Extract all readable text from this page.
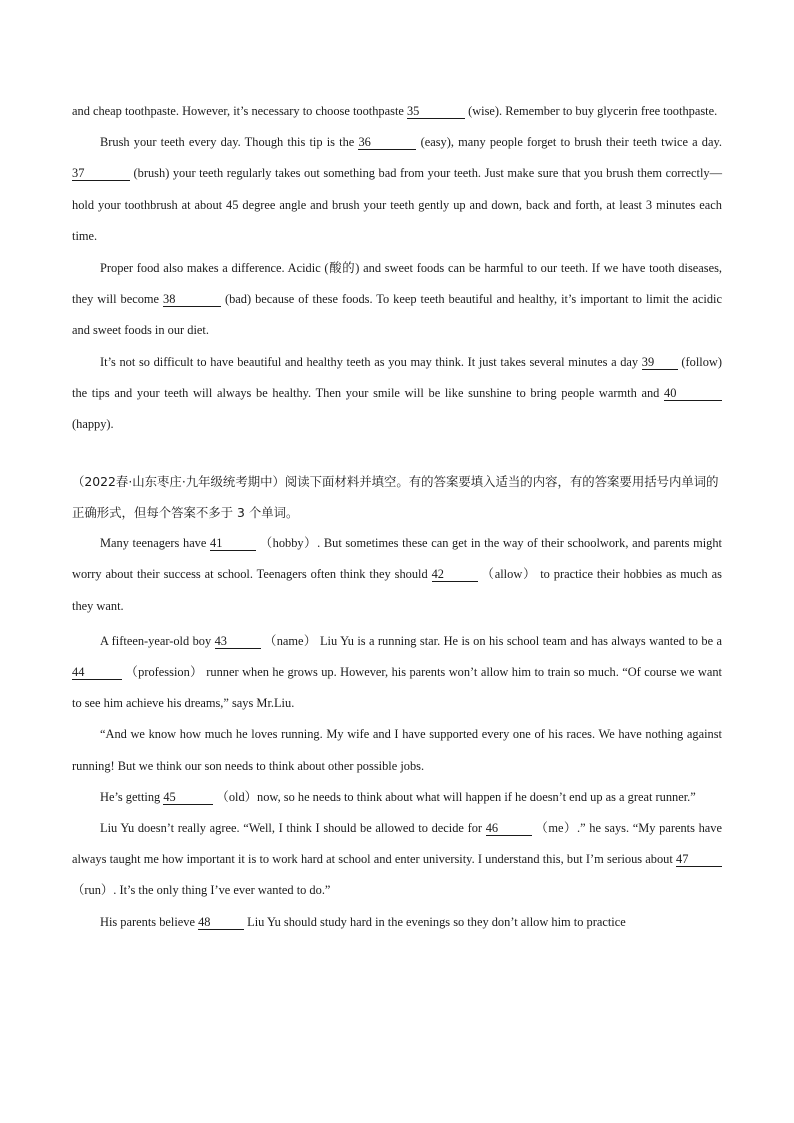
and cheap toothpaste. However, it’s necessary to choose toothpaste 35	(wise). Remember to buy glycerin free toothpaste.

Brush your teeth every day. Though this tip is the 36	(easy), many people forget to brush their teeth twice a day. 37	(brush) your teeth regularly takes out something bad from your teeth. Just make sure that you brush them correctly—hold your toothbrush at about 45 degree angle and brush your teeth gently up and down, back and forth, at least 3 minutes each time.

Proper food also makes a difference. Acidic (酸的) and sweet foods can be harmful to our teeth. If we have tooth diseases, they will become 38	(bad) because of these foods. To keep teeth beautiful and healthy, it’s important to limit the acidic and sweet foods in our diet.

It’s not so difficult to have beautiful and healthy teeth as you may think. It just takes several minutes a day 39 (follow) the tips and your teeth will always be healthy. Then your smile will be like sunshine to bring people warmth and 40 (happy).

（2022春·山东枣庄·九年级统考期中）阅读下面材料并填空。有的答案要填入适当的内容，有的答案要用括号内单词的正确形式，但每个答案不多于 3 个单词。

Many teenagers have 41	（hobby）. But sometimes these can get in the way of their schoolwork, and parents might worry about their success at school. Teenagers often think they should 42	（allow） to practice their hobbies as much as they want.

A fifteen-year-old boy 43	（name） Liu Yu is a running star. He is on his school team and has always wanted to be a 44	（profession） runner when he grows up. However, his parents won’t allow him to train so much. “Of course we want to see him achieve his dreams,” says Mr.Liu.

“And we know how much he loves running. My wife and I have supported every one of his races. We have nothing against running! But we think our son needs to think about other possible jobs.

He’s getting 45	（old）now, so he needs to think about what will happen if he doesn’t end up as a great runner.”

Liu Yu doesn’t really agree. “Well, I think I should be allowed to decide for 46	（me）.” he says. “My parents have always taught me how important it is to work hard at school and enter university. I understand this, but I’m serious about 47 （run）. It’s the only thing I’ve ever wanted to do.”

His parents believe 48	Liu Yu should study hard in the evenings so they don’t allow him to practice
